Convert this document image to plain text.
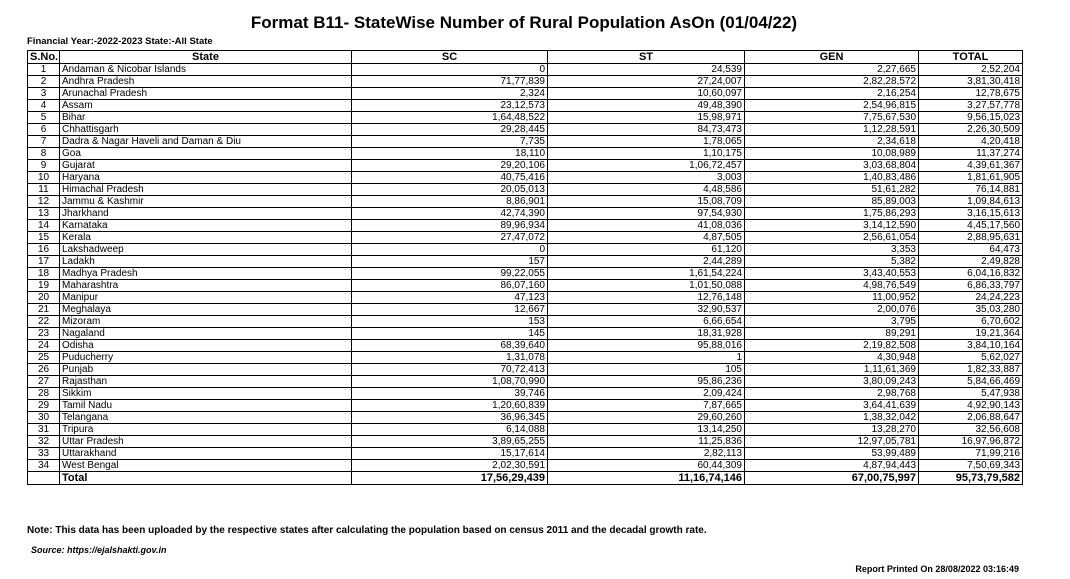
Format B11- StateWise Number of Rural Population AsOn (01/04/22)
Financial Year:-2022-2023 State:-All State
S.No.	State	SC	ST	GEN	TOTAL
1	Andaman & Nicobar Islands	0	24,539	2,27,665	2,52,204
2	Andhra Pradesh	71,77,839	27,24,007	2,82,28,572	3,81,30,418
3	Arunachal Pradesh	2,324	10,60,097	2,16,254	12,78,675
4	Assam	23,12,573	49,48,390	2,54,96,815	3,27,57,778
5	Bihar	1,64,48,522	15,98,971	7,75,67,530	9,56,15,023
6	Chhattisgarh	29,28,445	84,73,473	1,12,28,591	2,26,30,509
7	Dadra & Nagar Haveli and Daman & Diu	7,735	1,78,065	2,34,618	4,20,418
8	Goa	18,110	1,10,175	10,08,989	11,37,274
9	Gujarat	29,20,106	1,06,72,457	3,03,68,804	4,39,61,367
10	Haryana	40,75,416	3,003	1,40,83,486	1,81,61,905
11	Himachal Pradesh	20,05,013	4,48,586	51,61,282	76,14,881
12	Jammu & Kashmir	8,86,901	15,08,709	85,89,003	1,09,84,613
13	Jharkhand	42,74,390	97,54,930	1,75,86,293	3,16,15,613
14	Karnataka	89,96,934	41,08,036	3,14,12,590	4,45,17,560
15	Kerala	27,47,072	4,87,505	2,56,61,054	2,88,95,631
16	Lakshadweep	0	61,120	3,353	64,473
17	Ladakh	157	2,44,289	5,382	2,49,828
18	Madhya Pradesh	99,22,055	1,61,54,224	3,43,40,553	6,04,16,832
19	Maharashtra	86,07,160	1,01,50,088	4,98,76,549	6,86,33,797
20	Manipur	47,123	12,76,148	11,00,952	24,24,223
21	Meghalaya	12,667	32,90,537	2,00,076	35,03,280
22	Mizoram	153	6,66,654	3,795	6,70,602
23	Nagaland	145	18,31,928	89,291	19,21,364
24	Odisha	68,39,640	95,88,016	2,19,82,508	3,84,10,164
25	Puducherry	1,31,078	1	4,30,948	5,62,027
26	Punjab	70,72,413	105	1,11,61,369	1,82,33,887
27	Rajasthan	1,08,70,990	95,86,236	3,80,09,243	5,84,66,469
28	Sikkim	39,746	2,09,424	2,98,768	5,47,938
29	Tamil Nadu	1,20,60,839	7,87,665	3,64,41,639	4,92,90,143
30	Telangana	36,96,345	29,60,260	1,38,32,042	2,06,88,647
31	Tripura	6,14,088	13,14,250	13,28,270	32,56,608
32	Uttar Pradesh	3,89,65,255	11,25,836	12,97,05,781	16,97,96,872
33	Uttarakhand	15,17,614	2,82,113	53,99,489	71,99,216
34	West Bengal	2,02,30,591	60,44,309	4,87,94,443	7,50,69,343
	Total	17,56,29,439	11,16,74,146	67,00,75,997	95,73,79,582
Note: This data has been uploaded by the respective states after calculating the population based on census 2011 and the decadal growth rate.
Source: https://ejalshakti.gov.in
Report Printed On 28/08/2022 03:16:49
